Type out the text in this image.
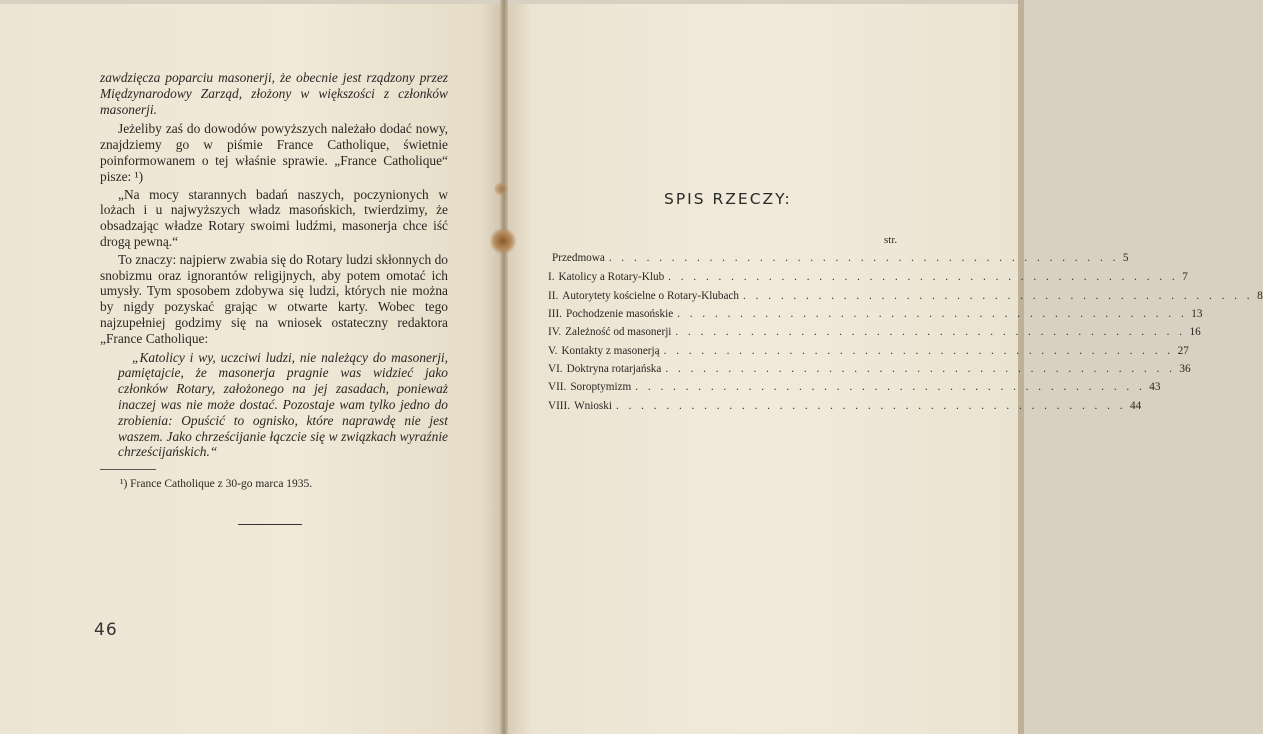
zawdzięcza poparciu masonerji, że obecnie jest rządzony przez Międzynarodowy Zarząd, złożony w większości z członków masonerji.

Jeżeliby zaś do dowodów powyższych należało dodać nowy, znajdziemy go w piśmie France Catholique, świetnie poinformowanem o tej właśnie sprawie. „France Catholique“ pisze: ¹)

„Na mocy starannych badań naszych, poczynionych w lożach i u najwyższych władz masońskich, twierdzimy, że obsadzając władze Rotary swoimi ludźmi, masonerja chce iść drogą pewną.“

To znaczy: najpierw zwabia się do Rotary ludzi skłonnych do snobizmu oraz ignorantów religijnych, aby potem omotać ich umysły. Tym sposobem zdobywa się ludzi, których nie można by nigdy pozyskać grając w otwarte karty. Wobec tego najzupełniej godzimy się na wniosek ostateczny redaktora „France Catholique:

„Katolicy i wy, uczciwi ludzi, nie należący do masonerji, pamiętajcie, że masonerja pragnie was widzieć jako członków Rotary, założonego na jej zasadach, ponieważ inaczej was nie może dostać. Pozostaje wam tylko jedno do zrobienia: Opuścić to ognisko, które naprawdę nie jest waszem. Jako chrześcijanie łączcie się w związkach wyraźnie chrześcijańskich.“

¹) France Catholique z 30-go marca 1935.
46
SPIS RZECZY:
str.
Przedmowa . . . . . . . . . . . . . . . . . . . . . . . . . . . . . . . . . . . . . . . . . 5
I. Katolicy a Rotary-Klub . . . . . . . . . . . . . . . . . . . . . . . . . . . . . . . . . . . . . . . . . 7
II. Autorytety kościelne o Rotary-Klubach . . . . . . . . . . . . . . . . . . . . . . . . . . . . . . . . . . . . . . . . . 8
III. Pochodzenie masońskie . . . . . . . . . . . . . . . . . . . . . . . . . . . . . . . . . . . . . . . . . 13
IV. Zależność od masonerji . . . . . . . . . . . . . . . . . . . . . . . . . . . . . . . . . . . . . . . . . 16
V. Kontakty z masonerją . . . . . . . . . . . . . . . . . . . . . . . . . . . . . . . . . . . . . . . . . 27
VI. Doktryna rotarjańska . . . . . . . . . . . . . . . . . . . . . . . . . . . . . . . . . . . . . . . . . 36
VII. Soroptymizm . . . . . . . . . . . . . . . . . . . . . . . . . . . . . . . . . . . . . . . . . 43
VIII. Wnioski . . . . . . . . . . . . . . . . . . . . . . . . . . . . . . . . . . . . . . . . . 44
